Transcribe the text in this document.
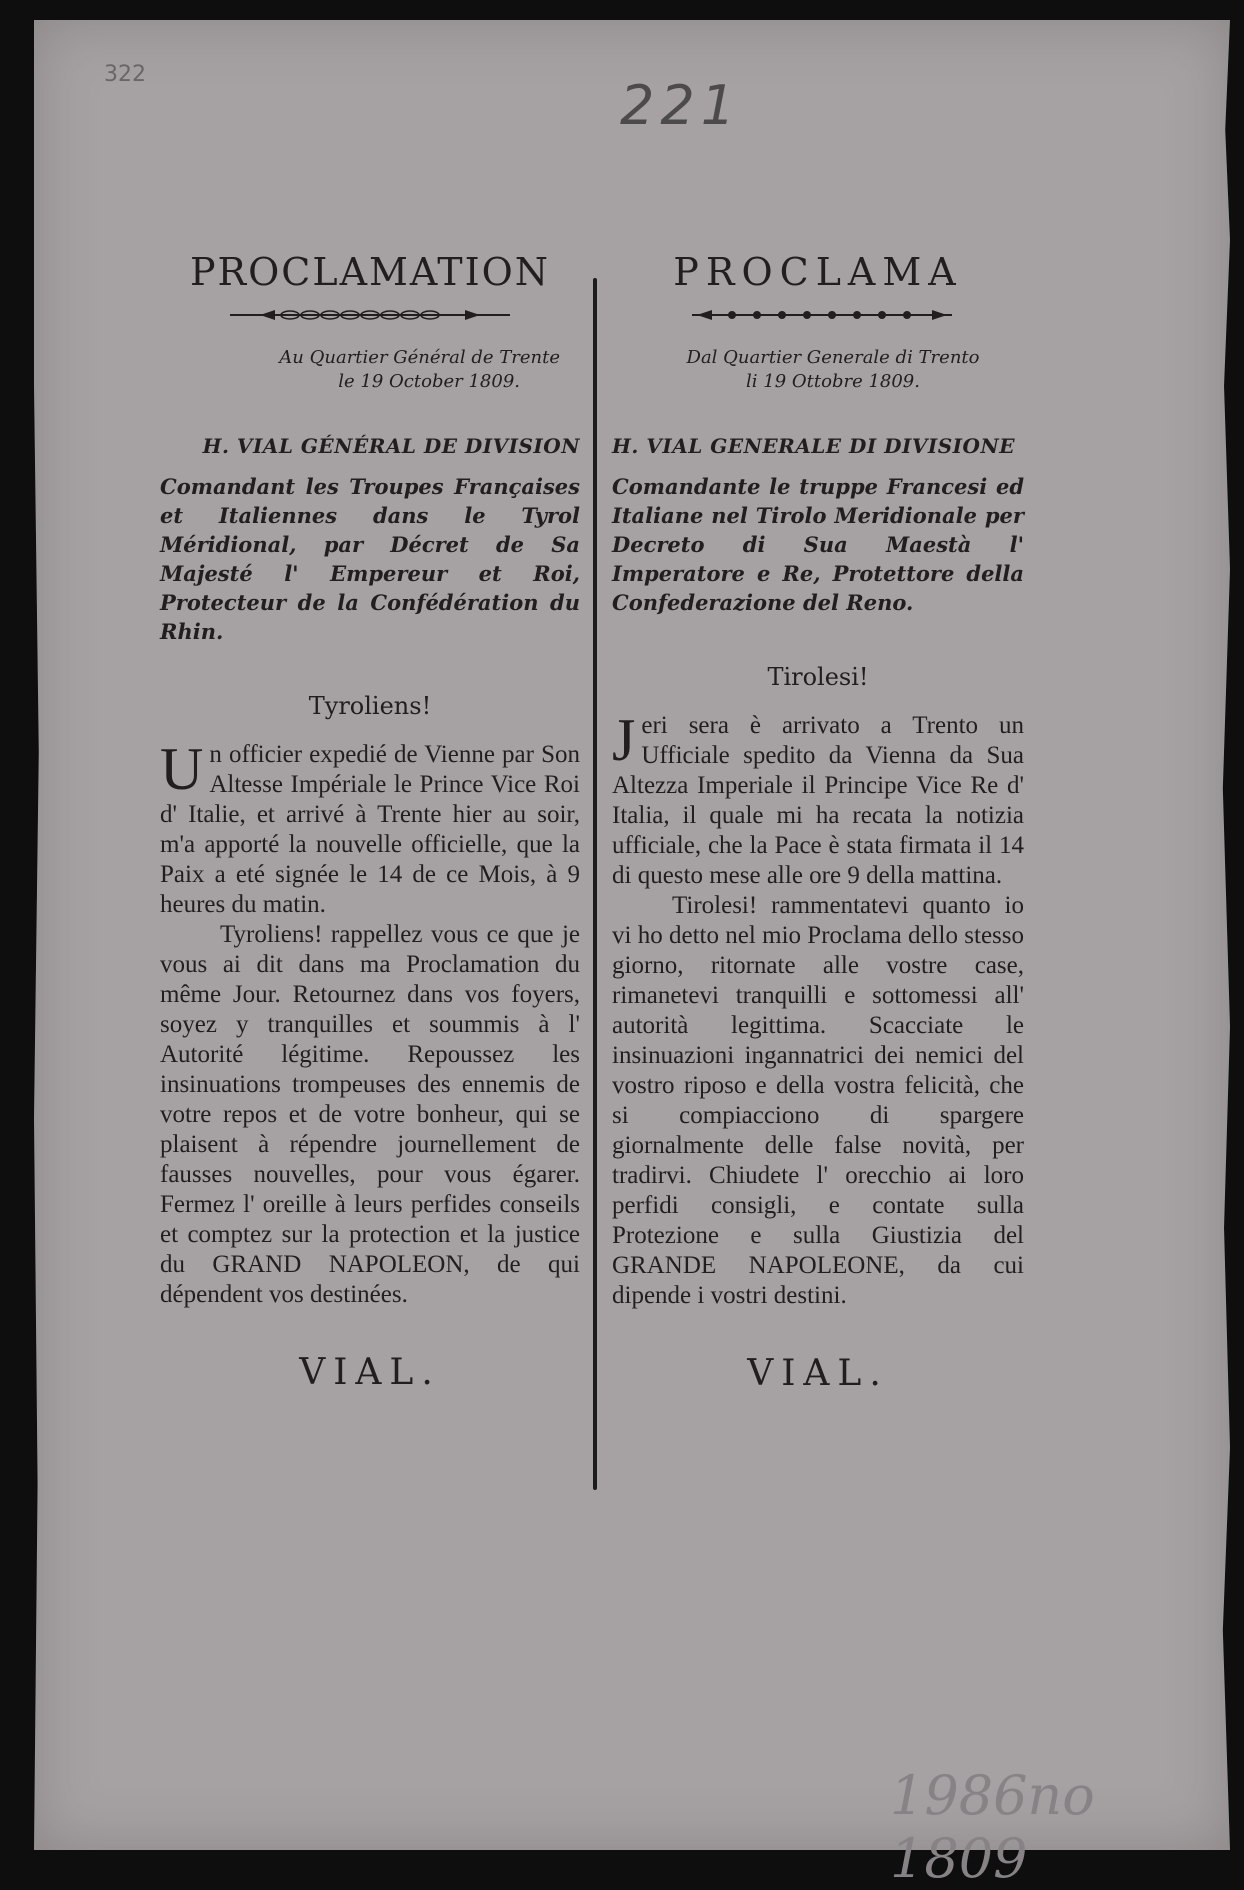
322	221
1986no 1809
PROCLAMATION
Au Quartier Général de Trente
le 19 October 1809.
H. VIAL GÉNÉRAL DE DIVISION
Comandant les Troupes Françaises et Italiennes dans le Tyrol Méridional, par Décret de Sa Majesté l' Empereur et Roi, Protecteur de la Confédération du Rhin.
Tyroliens!

Un officier expedié de Vienne par Son Altesse Impériale le Prince Vice Roi d' Italie, et arrivé à Trente hier au soir, m'a apporté la nouvelle officielle, que la Paix a eté signée le 14 de ce Mois, à 9 heures du matin.

Tyroliens! rappellez vous ce que je vous ai dit dans ma Proclamation du même Jour. Retournez dans vos foyers, soyez y tranquilles et soummis à l' Autorité légitime. Repoussez les insinuations trompeuses des ennemis de votre repos et de votre bonheur, qui se plaisent à répendre journellement de fausses nouvelles, pour vous égarer. Fermez l' oreille à leurs perfides conseils et comptez sur la protection et la justice du GRAND NAPOLEON, de qui dépendent vos destinées.

VIAL.
PROCLAMA
Dal Quartier Generale di Trento
li 19 Ottobre 1809.
H. VIAL GENERALE DI DIVISIONE
Comandante le truppe Francesi ed Italiane nel Tirolo Meridionale per Decreto di Sua Maestà l' Imperatore e Re, Protettore della Confederazione del Reno.
Tirolesi!

Jeri sera è arrivato a Trento un Ufficiale spedito da Vienna da Sua Altezza Imperiale il Principe Vice Re d' Italia, il quale mi ha recata la notizia ufficiale, che la Pace è stata firmata il 14 di questo mese alle ore 9 della mattina.

Tirolesi! rammentatevi quanto io vi ho detto nel mio Proclama dello stesso giorno, ritornate alle vostre case, rimanetevi tranquilli e sottomessi all' autorità legittima. Scacciate le insinuazioni ingannatrici dei nemici del vostro riposo e della vostra felicità, che si compiacciono di spargere giornalmente delle false novità, per tradirvi. Chiudete l' orecchio ai loro perfidi consigli, e contate sulla Protezione e sulla Giustizia del GRANDE NAPOLEONE, da cui dipende i vostri destini.

VIAL.
